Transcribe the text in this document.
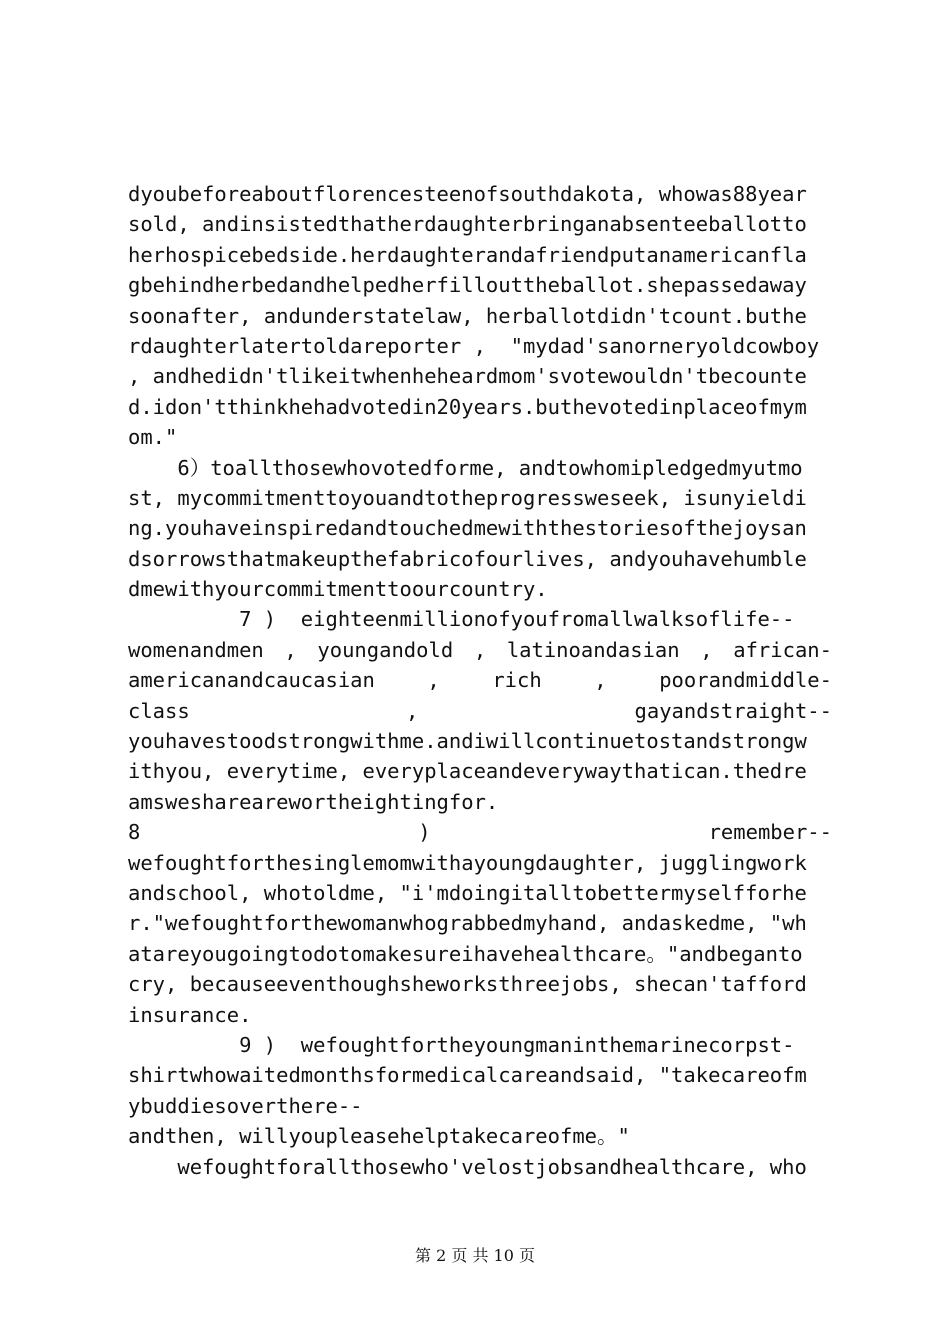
dyoubeforeaboutflorencesteenofsouthdakota, whowas88year
sold, andinsistedthatherdaughterbringanabsenteeballotto
herhospicebedside.herdaughterandafriendputanamericanfla
gbehindherbedandhelpedherfillouttheballot.shepassedaway
soonafter, andunderstatelaw, herballotdidn'tcount.buthe
rdaughterlatertoldareporter ,  "mydad'sanorneryoldcowboy
, andhedidn'tlikeitwhenheheardmom'svotewouldn'tbecounte
d.idon'tthinkhehadvotedin20years.buthevotedinplaceofmym
om."
6）toallthosewhovotedforme, andtowhomipledgedmyutmo
st, mycommitmenttoyouandtotheprogressweseek, isunyieldi
ng.youhaveinspiredandtouchedmewiththestoriesofthejoysan
dsorrowsthatmakeupthefabricofourlives, andyouhavehumble
dmewithyourcommitmenttoourcountry.
7 )  eighteenmillionofyoufromallwalksoflife--
womenandmen , youngandold , latinoandasian , african-
americanandcaucasian , rich , poorandmiddle-
class , gayandstraight--
youhavestoodstrongwithme.andiwillcontinuetostandstrongw
ithyou, everytime, everyplaceandeverywaythatican.thedre
amswesharearewortheightingfor.
8 ) remember--
wefoughtforthesinglemomwithayoungdaughter, jugglingwork
andschool, whotoldme, "i'mdoingitalltobettermyselfforhe
r."wefoughtforthewomanwhograbbedmyhand, andaskedme, "wh
atareyougoingtodotomakesureihavehealthcare。"andbeganto
cry, becauseeventhoughsheworksthreejobs, shecan'tafford
insurance.
9 )  wefoughtfortheyoungmaninthemarinecorpst-
shirtwhowaitedmonthsformedicalcareandsaid, "takecareofm
ybuddiesoverthere--
andthen, willyoupleasehelptakecareofme。"
wefoughtforallthosewho'velostjobsandhealthcare, who
第 2 页 共 10 页
